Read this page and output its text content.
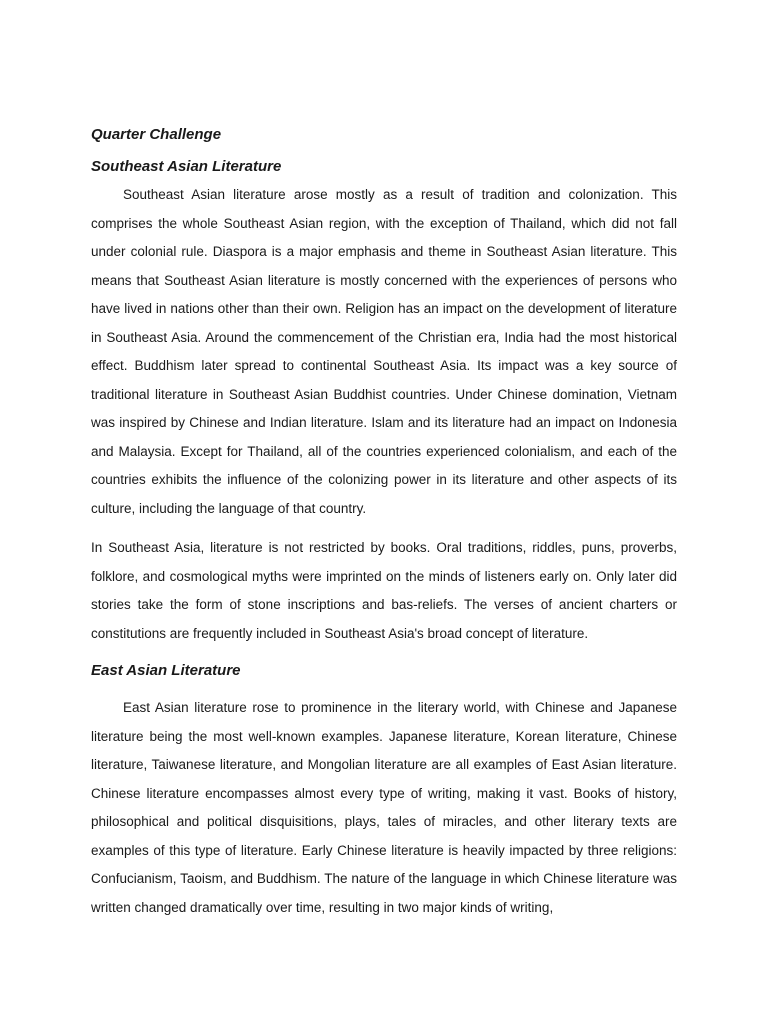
Quarter Challenge
Southeast Asian Literature

Southeast Asian literature arose mostly as a result of tradition and colonization. This comprises the whole Southeast Asian region, with the exception of Thailand, which did not fall under colonial rule. Diaspora is a major emphasis and theme in Southeast Asian literature. This means that Southeast Asian literature is mostly concerned with the experiences of persons who have lived in nations other than their own. Religion has an impact on the development of literature in Southeast Asia. Around the commencement of the Christian era, India had the most historical effect. Buddhism later spread to continental Southeast Asia. Its impact was a key source of traditional literature in Southeast Asian Buddhist countries. Under Chinese domination, Vietnam was inspired by Chinese and Indian literature. Islam and its literature had an impact on Indonesia and Malaysia. Except for Thailand, all of the countries experienced colonialism, and each of the countries exhibits the influence of the colonizing power in its literature and other aspects of its culture, including the language of that country.

In Southeast Asia, literature is not restricted by books. Oral traditions, riddles, puns, proverbs, folklore, and cosmological myths were imprinted on the minds of listeners early on. Only later did stories take the form of stone inscriptions and bas-reliefs. The verses of ancient charters or constitutions are frequently included in Southeast Asia's broad concept of literature.

East Asian Literature

East Asian literature rose to prominence in the literary world, with Chinese and Japanese literature being the most well-known examples. Japanese literature, Korean literature, Chinese literature, Taiwanese literature, and Mongolian literature are all examples of East Asian literature. Chinese literature encompasses almost every type of writing, making it vast. Books of history, philosophical and political disquisitions, plays, tales of miracles, and other literary texts are examples of this type of literature. Early Chinese literature is heavily impacted by three religions: Confucianism, Taoism, and Buddhism. The nature of the language in which Chinese literature was written changed dramatically over time, resulting in two major kinds of writing,
